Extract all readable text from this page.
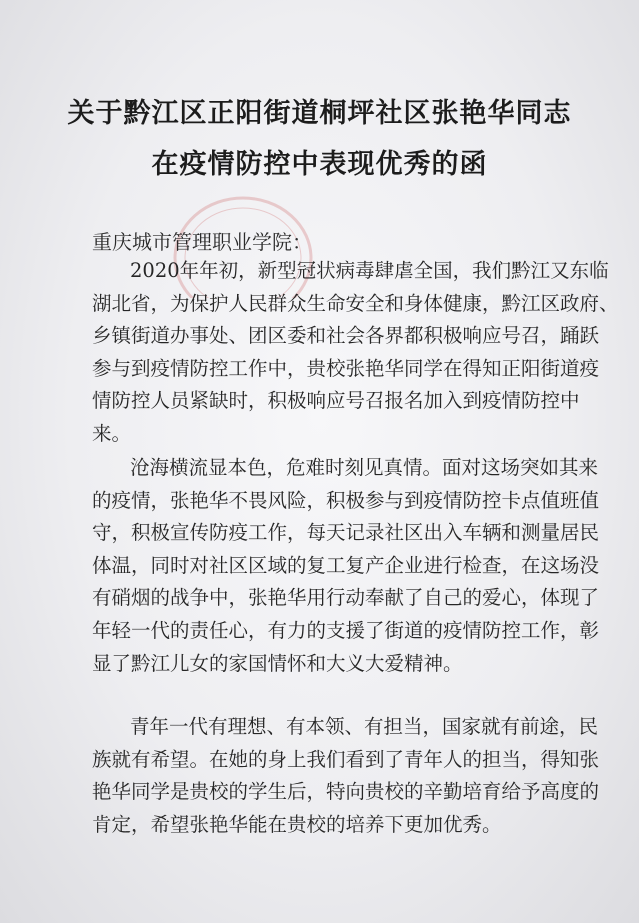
关于黔江区正阳街道桐坪社区张艳华同志
在疫情防控中表现优秀的函
重庆城市管理职业学院：
2020年年初，新型冠状病毒肆虐全国，我们黔江又东临
湖北省，为保护人民群众生命安全和身体健康，黔江区政府、
乡镇街道办事处、团区委和社会各界都积极响应号召，踊跃
参与到疫情防控工作中，贵校张艳华同学在得知正阳街道疫
情防控人员紧缺时，积极响应号召报名加入到疫情防控中
来。
沧海横流显本色，危难时刻见真情。面对这场突如其来
的疫情，张艳华不畏风险，积极参与到疫情防控卡点值班值
守，积极宣传防疫工作，每天记录社区出入车辆和测量居民
体温，同时对社区区域的复工复产企业进行检查，在这场没
有硝烟的战争中，张艳华用行动奉献了自己的爱心，体现了
年轻一代的责任心，有力的支援了街道的疫情防控工作，彰
显了黔江儿女的家国情怀和大义大爱精神。
青年一代有理想、有本领、有担当，国家就有前途，民
族就有希望。在她的身上我们看到了青年人的担当，得知张
艳华同学是贵校的学生后，特向贵校的辛勤培育给予高度的
肯定，希望张艳华能在贵校的培养下更加优秀。
